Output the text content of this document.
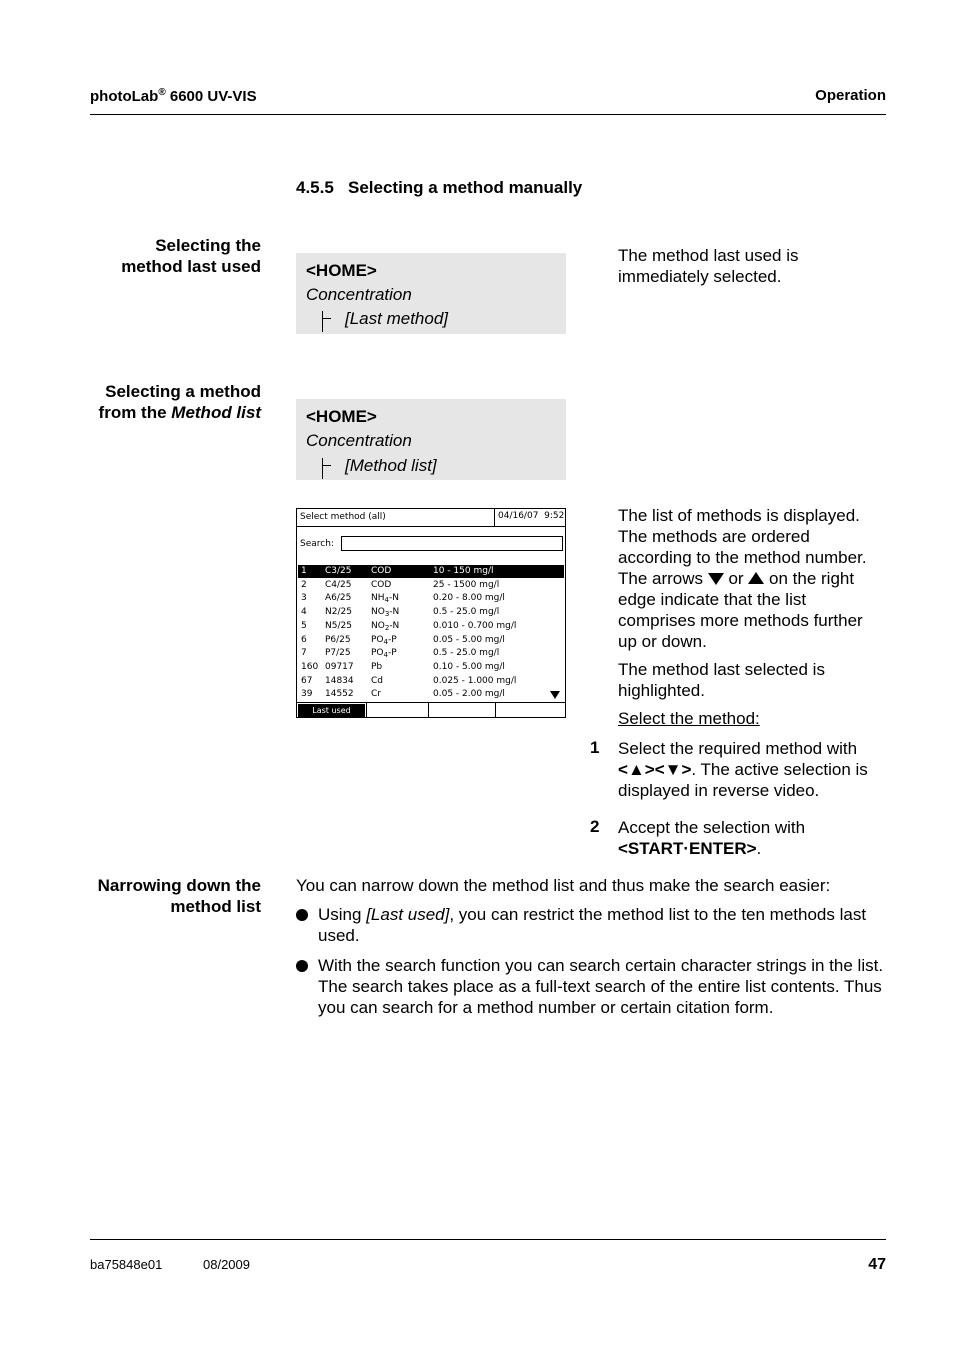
photoLab® 6600 UV-VIS	Operation
4.5.5   Selecting a method manually
Selecting the
method last used	<HOME>
Concentration
[Last method]
The method last used is immediately selected.
Selecting a method
from the Method list	<HOME>
Concentration
[Method list]
Select method (all)	04/16/07  9:52
Search:
1 C3/25 COD	10 - 150 mg/l
2 C4/25 COD	25 - 1500 mg/l
3 A6/25 $NH_4-N$	0.20 - 8.00 mg/l
4 N2/25 $NO_3-N$	0.5 - 25.0 mg/l
5 N5/25 $NO_2-N$	0.010 - 0.700 mg/l
6 P6/25 $PO_4-P$	0.05 - 5.00 mg/l
7 P7/25 $PO_4-P$	0.5 - 25.0 mg/l
160 09717 Pb	0.10 - 5.00 mg/l
67 14834 Cd	0.025 - 1.000 mg/l
39 14552 Cr	0.05 - 2.00 mg/l
Last used
The list of methods is displayed. The methods are ordered according to the method number. The arrows  or  on the right edge indicate that the list comprises more methods further up or down.
The method last selected is highlighted.
Select the method:
1 Select the required method with
<▲><▼>. The active selection is displayed in reverse video.
2 Accept the selection with
<START·ENTER>.
Narrowing down the
method list
You can narrow down the method list and thus make the search easier:
Using [Last used], you can restrict the method list to the ten methods last used.
With the search function you can search certain character strings in the list. The search takes place as a full-text search of the entire list contents. Thus you can search for a method number or certain citation form.
ba75848e01	08/2009	47
